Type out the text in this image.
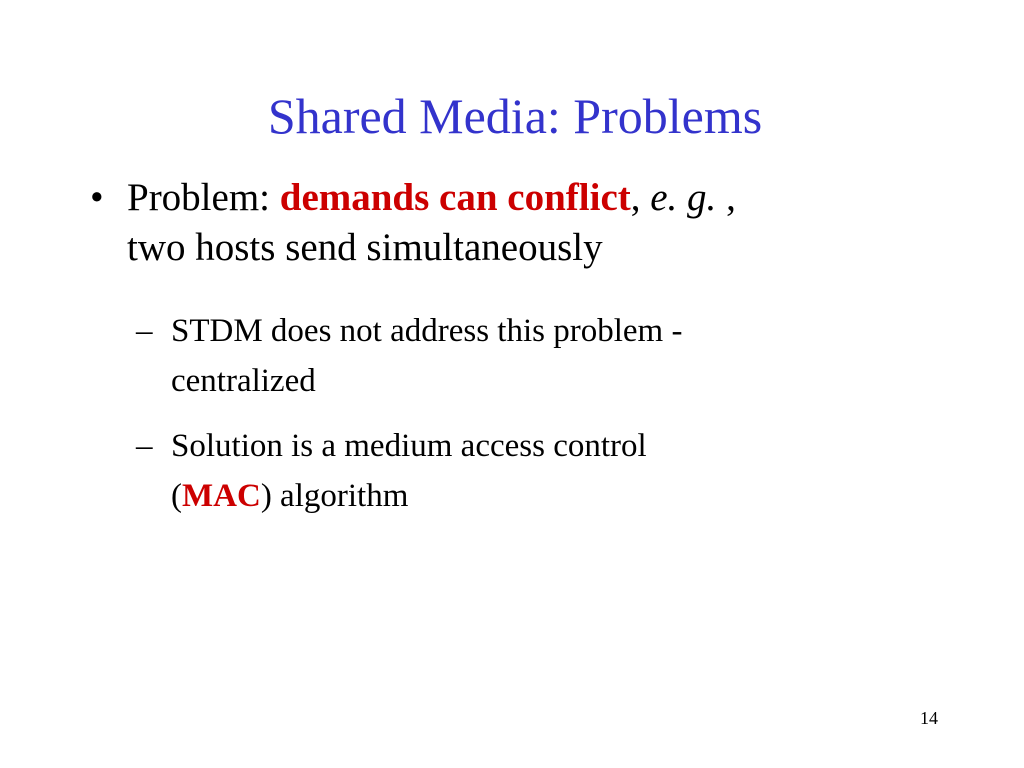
Shared Media: Problems
• Problem: demands can conflict, e. g. ,
two hosts send simultaneously
– STDM does not address this problem -
centralized
– Solution is a medium access control
(MAC) algorithm
14
